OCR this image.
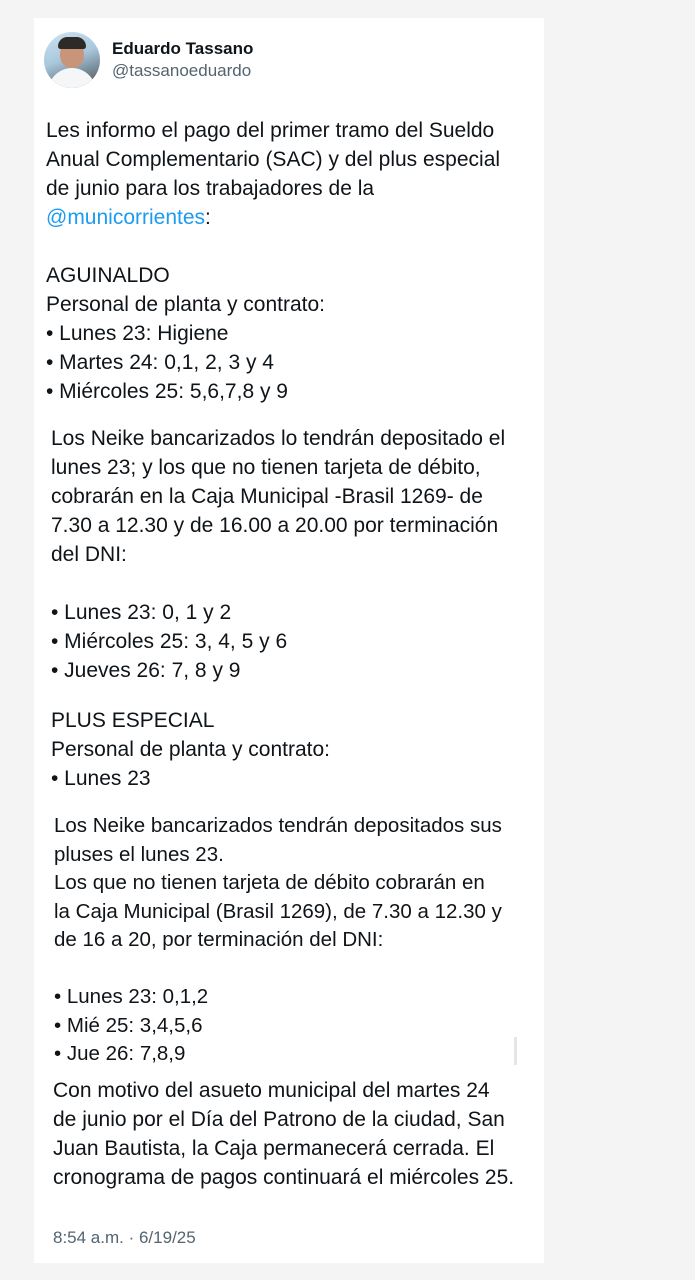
Eduardo Tassano
@tassanoeduardo

Les informo el pago del primer tramo del Sueldo
Anual Complementario (SAC) y del plus especial
de junio para los trabajadores de la
@municorrientes:

AGUINALDO

Personal de planta y contrato:

• Lunes 23: Higiene

• Martes 24: 0,1, 2, 3 y 4

• Miércoles 25: 5,6,7,8 y 9

Los Neike bancarizados lo tendrán depositado el
lunes 23; y los que no tienen tarjeta de débito,
cobrarán en la Caja Municipal -Brasil 1269- de
7.30 a 12.30 y de 16.00 a 20.00 por terminación
del DNI:

• Lunes 23: 0, 1 y 2

• Miércoles 25: 3, 4, 5 y 6

• Jueves 26: 7, 8 y 9

PLUS ESPECIAL

Personal de planta y contrato:

• Lunes 23

Los Neike bancarizados tendrán depositados sus
pluses el lunes 23.
Los que no tienen tarjeta de débito cobrarán en
la Caja Municipal (Brasil 1269), de 7.30 a 12.30 y
de 16 a 20, por terminación del DNI:

• Lunes 23: 0,1,2

• Mié 25: 3,4,5,6

• Jue 26: 7,8,9

Con motivo del asueto municipal del martes 24
de junio por el Día del Patrono de la ciudad, San
Juan Bautista, la Caja permanecerá cerrada. El
cronograma de pagos continuará el miércoles 25.

8:54 a.m. · 6/19/25
